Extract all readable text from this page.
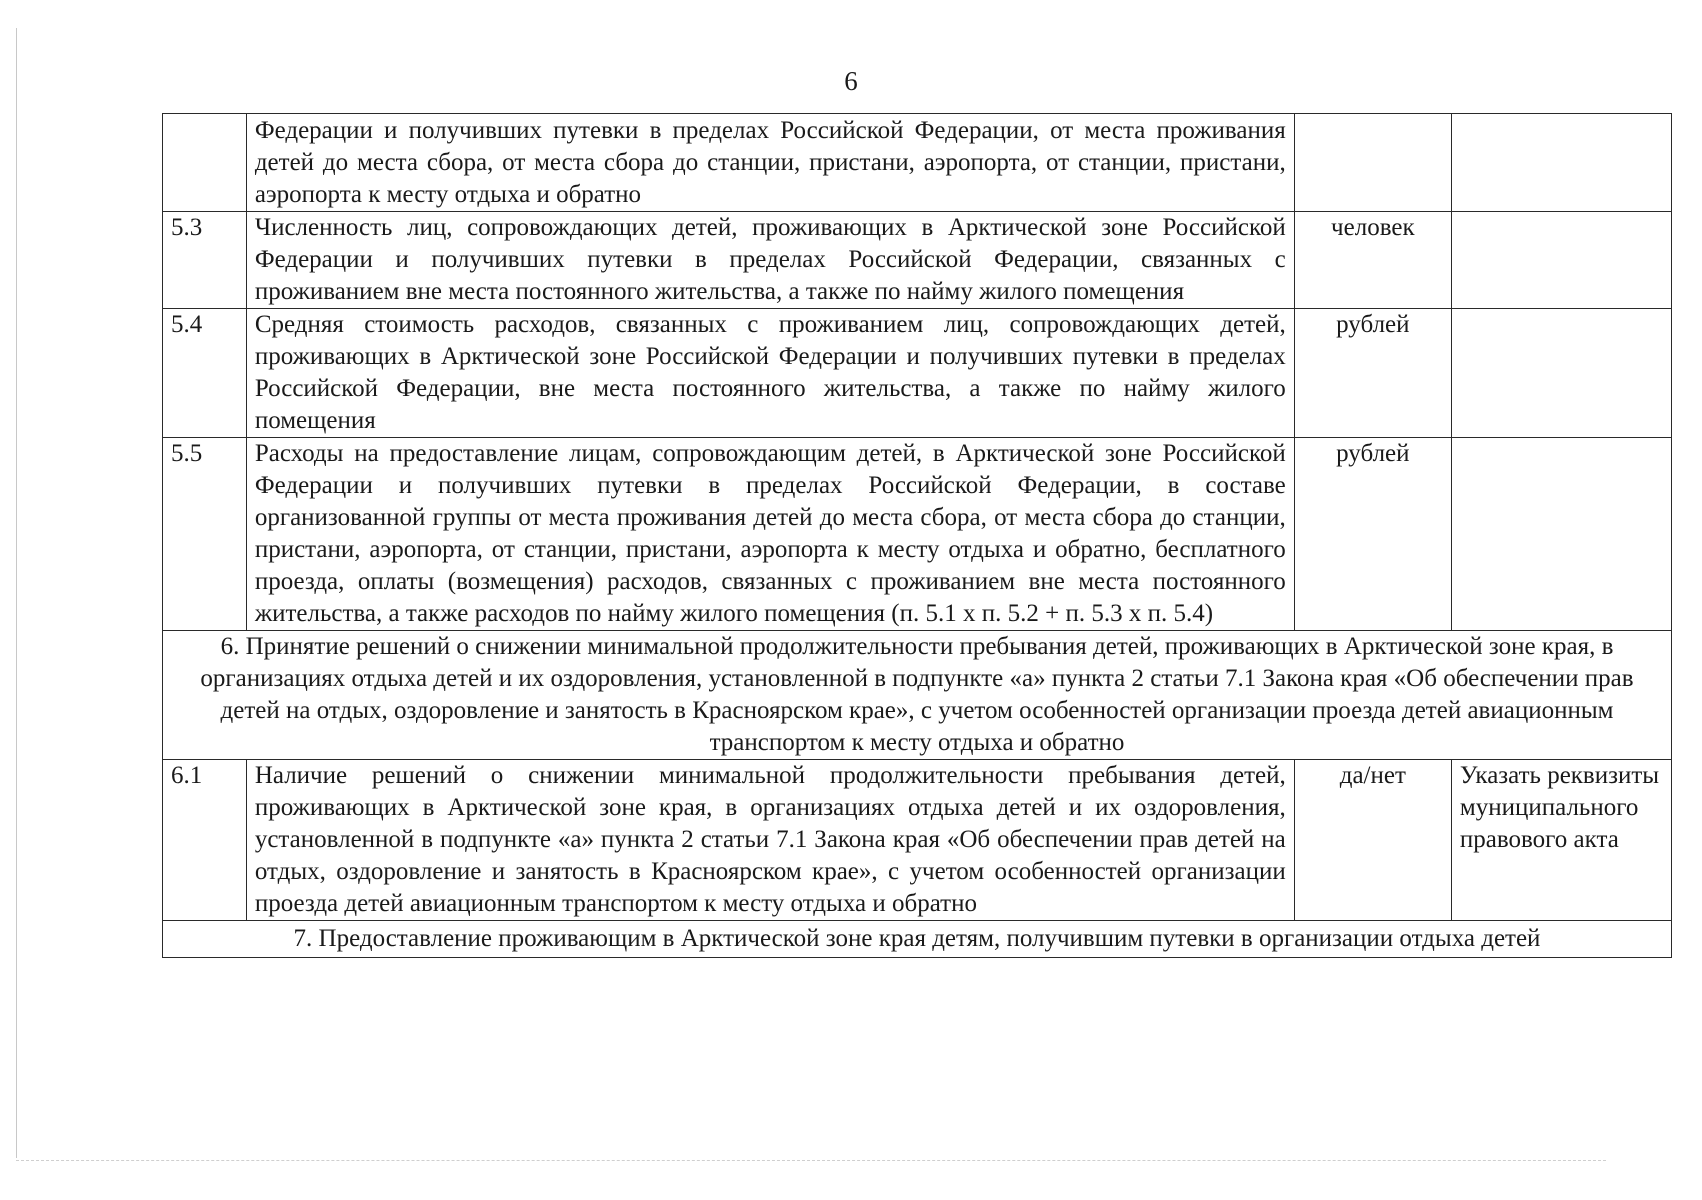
6
	Федерации и получивших путевки в пределах Российской Федерации, от места проживания детей до места сбора, от места сбора до станции, пристани, аэропорта, от станции, пристани, аэропорта к месту отдыха и обратно		
5.3	Численность лиц, сопровождающих детей, проживающих в Арктической зоне Российской Федерации и получивших путевки в пределах Российской Федерации, связанных с проживанием вне места постоянного жительства, а также по найму жилого помещения	человек	
5.4	Средняя стоимость расходов, связанных с проживанием лиц, сопровождающих детей, проживающих в Арктической зоне Российской Федерации и получивших путевки в пределах Российской Федерации, вне места постоянного жительства, а также по найму жилого помещения	рублей	
5.5	Расходы на предоставление лицам, сопровождающим детей, в Арктической зоне Российской Федерации и получивших путевки в пределах Российской Федерации, в составе организованной группы от места проживания детей до места сбора, от места сбора до станции, пристани, аэропорта, от станции, пристани, аэропорта к месту отдыха и обратно, бесплатного проезда, оплаты (возмещения) расходов, связанных с проживанием вне места постоянного жительства, а также расходов по найму жилого помещения (п. 5.1 x п. 5.2 + п. 5.3 x п. 5.4)	рублей	
6. Принятие решений о снижении минимальной продолжительности пребывания детей, проживающих в Арктической зоне края, в организациях отдыха детей и их оздоровления, установленной в подпункте «а» пункта 2 статьи 7.1 Закона края «Об обеспечении прав детей на отдых, оздоровление и занятость в Красноярском крае», с учетом особенностей организации проезда детей авиационным транспортом к месту отдыха и обратно			
6.1	Наличие решений о снижении минимальной продолжительности пребывания детей, проживающих в Арктической зоне края, в организациях отдыха детей и их оздоровления, установленной в подпункте «а» пункта 2 статьи 7.1 Закона края «Об обеспечении прав детей на отдых, оздоровление и занятость в Красноярском крае», с учетом особенностей организации проезда детей авиационным транспортом к месту отдыха и обратно	да/нет	Указать реквизиты муниципального правового акта
7. Предоставление проживающим в Арктической зоне края детям, получившим путевки в организации отдыха детей			
